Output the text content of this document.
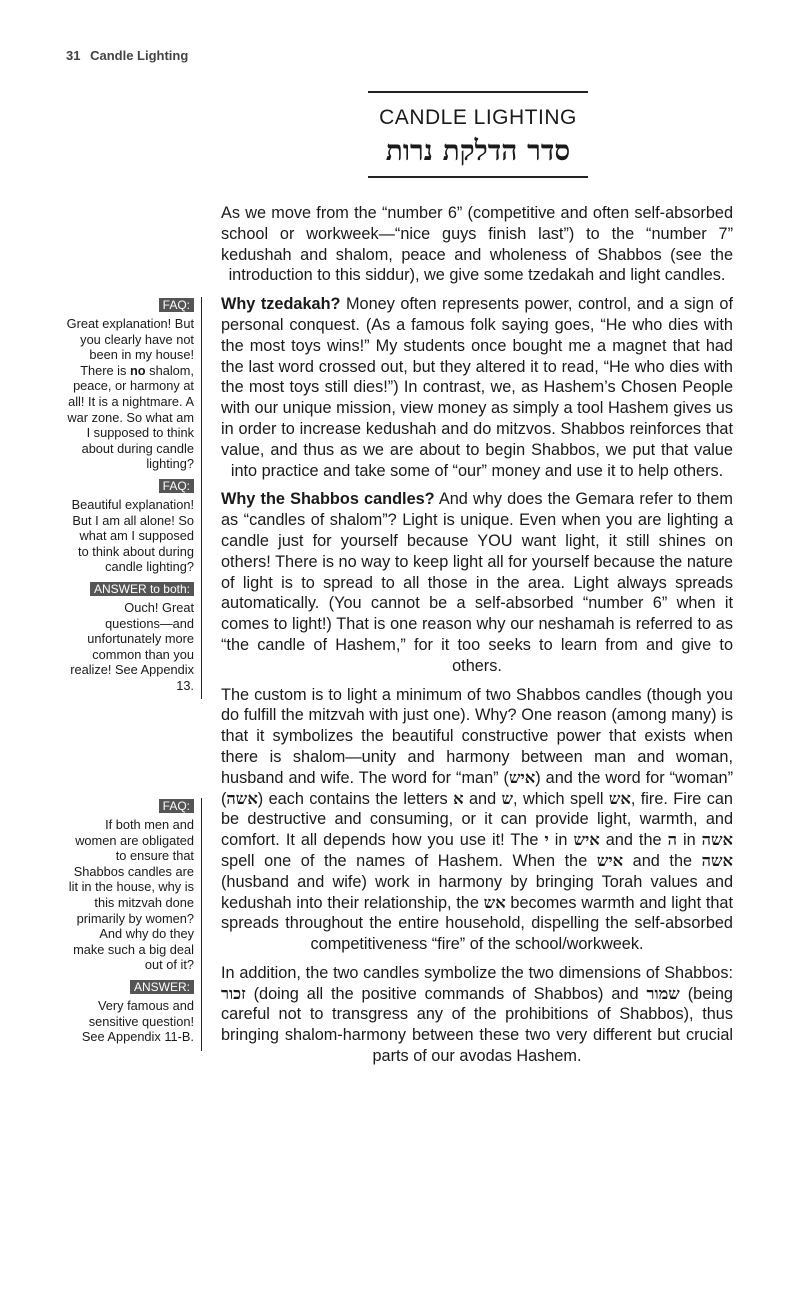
31 Candle Lighting
CANDLE LIGHTING
סדר הדלקת נרות

As we move from the “number 6” (competitive and often self-absorbed school or workweek—“nice guys finish last”) to the “number 7” kedushah and shalom, peace and wholeness of Shabbos (see the introduction to this siddur), we give some tzedakah and light candles.

Why tzedakah? Money often represents power, control, and a sign of personal conquest. (As a famous folk saying goes, “He who dies with the most toys wins!” My students once bought me a magnet that had the last word crossed out, but they altered it to read, “He who dies with the most toys still dies!”) In contrast, we, as Hashem’s Chosen People with our unique mission, view money as simply a tool Hashem gives us in order to increase kedushah and do mitzvos. Shabbos reinforces that value, and thus as we are about to begin Shabbos, we put that value into practice and take some of “our” money and use it to help others.

Why the Shabbos candles? And why does the Gemara refer to them as “candles of shalom”? Light is unique. Even when you are lighting a candle just for yourself because YOU want light, it still shines on others! There is no way to keep light all for yourself because the nature of light is to spread to all those in the area. Light always spreads automatically. (You cannot be a self-absorbed “number 6” when it comes to light!) That is one reason why our neshamah is referred to as “the candle of Hashem,” for it too seeks to learn from and give to others.

The custom is to light a minimum of two Shabbos candles (though you do fulfill the mitzvah with just one). Why? One reason (among many) is that it symbolizes the beautiful constructive power that exists when there is shalom—unity and harmony between man and woman, husband and wife. The word for “man” (איש) and the word for “woman” (אשה) each contains the letters א and ש, which spell אש, fire. Fire can be destructive and consuming, or it can provide light, warmth, and comfort. It all depends how you use it! The י in איש and the ה in אשה spell one of the names of Hashem. When the איש and the אשה (husband and wife) work in harmony by bringing Torah values and kedushah into their relationship, the אש becomes warmth and light that spreads throughout the entire household, dispelling the self-absorbed competitiveness “fire” of the school/workweek.

In addition, the two candles symbolize the two dimensions of Shabbos: זכור (doing all the positive commands of Shabbos) and שמור (being careful not to transgress any of the prohibitions of Shabbos), thus bringing shalom-harmony between these two very different but crucial parts of our avodas Hashem.

FAQ:
Great explanation! But you clearly have not been in my house! There is no shalom, peace, or harmony at all! It is a nightmare. A war zone. So what am I supposed to think about during candle lighting?
FAQ:
Beautiful explanation! But I am all alone! So what am I supposed to think about during candle lighting?
ANSWER to both:
Ouch! Great questions—and unfortunately more common than you realize! See Appendix 13.
FAQ:
If both men and women are obligated to ensure that Shabbos candles are lit in the house, why is this mitzvah done primarily by women? And why do they make such a big deal out of it?
ANSWER:
Very famous and sensitive question! See Appendix 11-B.
